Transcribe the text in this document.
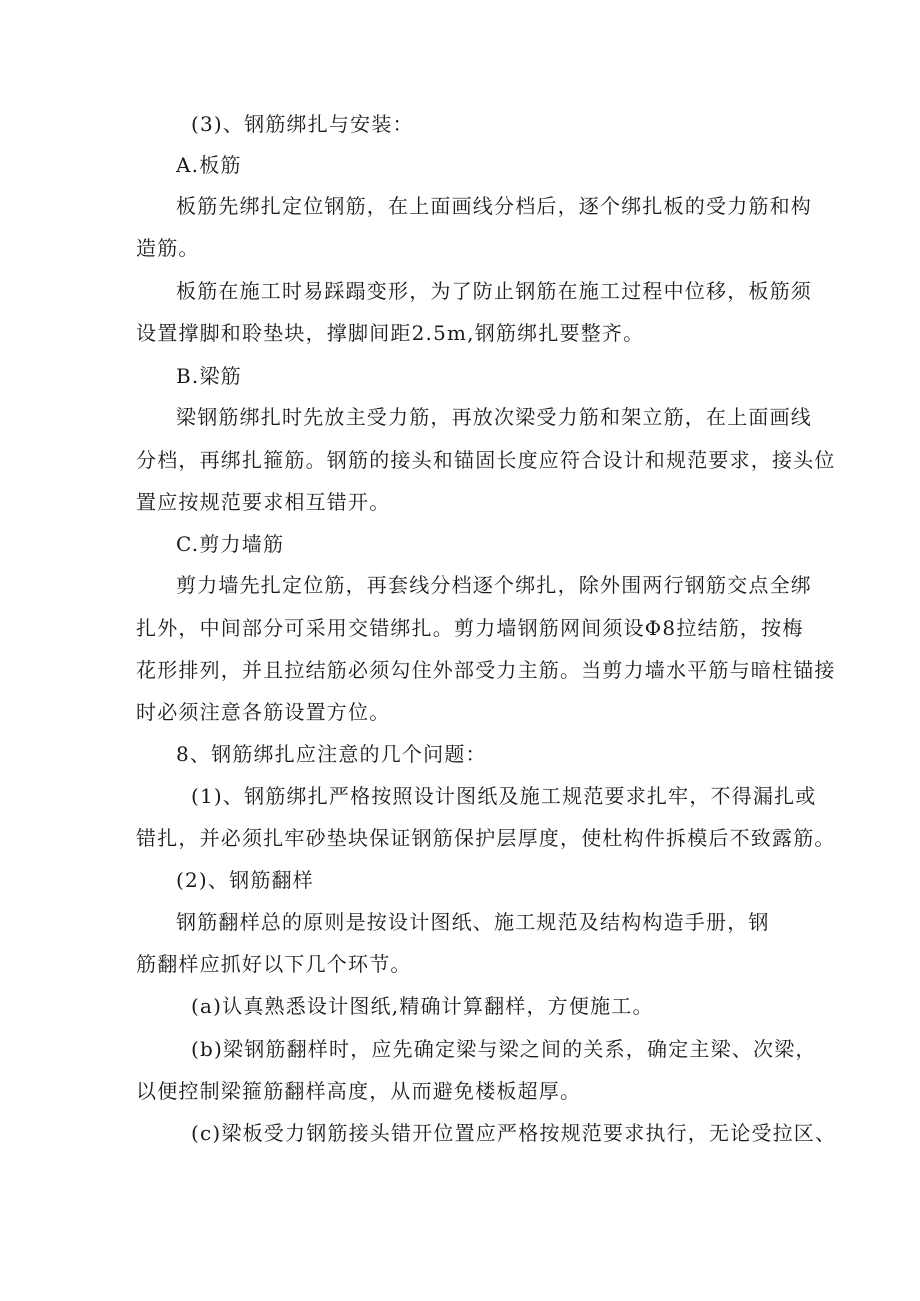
(3)、钢筋绑扎与安装：
A.板筋
板筋先绑扎定位钢筋，在上面画线分档后，逐个绑扎板的受力筋和构
造筋。
板筋在施工时易踩蹋变形，为了防止钢筋在施工过程中位移，板筋须
设置撑脚和聆垫块，撑脚间距2.5m,钢筋绑扎要整齐。
B.梁筋
梁钢筋绑扎时先放主受力筋，再放次梁受力筋和架立筋，在上面画线
分档，再绑扎箍筋。钢筋的接头和锚固长度应符合设计和规范要求，接头位
置应按规范要求相互错开。
C.剪力墙筋
剪力墙先扎定位筋，再套线分档逐个绑扎，除外围两行钢筋交点全绑
扎外，中间部分可采用交错绑扎。剪力墙钢筋网间须设Φ8拉结筋，按梅
花形排列，并且拉结筋必须勾住外部受力主筋。当剪力墙水平筋与暗柱锚接
时必须注意各筋设置方位。
8、钢筋绑扎应注意的几个问题：
(1)、钢筋绑扎严格按照设计图纸及施工规范要求扎牢，不得漏扎或
错扎，并必须扎牢砂垫块保证钢筋保护层厚度，使杜构件拆模后不致露筋。
(2)、钢筋翻样
钢筋翻样总的原则是按设计图纸、施工规范及结构构造手册，钢
筋翻样应抓好以下几个环节。
(a)认真熟悉设计图纸,精确计算翻样，方便施工。
(b)梁钢筋翻样时，应先确定梁与梁之间的关系，确定主梁、次梁，
以便控制梁箍筋翻样高度，从而避免楼板超厚。
(c)梁板受力钢筋接头错开位置应严格按规范要求执行，无论受拉区、
